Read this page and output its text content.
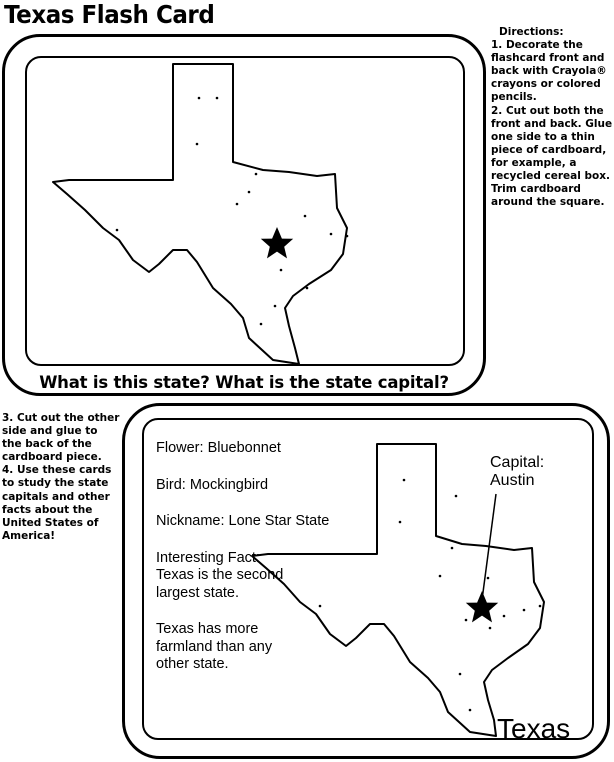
Texas Flash Card
What is this state? What is the state capital?
Directions:
1. Decorate the flashcard front and back with Crayola® crayons or colored pencils.
2. Cut out both the front and back. Glue one side to a thin piece of cardboard, for example, a recycled cereal box. Trim cardboard around the square.
3. Cut out the other side and glue to the back of the cardboard piece.
4. Use these cards to study the state capitals and other facts about the United States of America!
Flower: Bluebonnet
Bird: Mockingbird
Nickname: Lone Star State
Interesting Fact:
Texas is the second largest state.
Texas has more farmland than any other state.
Capital:
Austin
Texas
